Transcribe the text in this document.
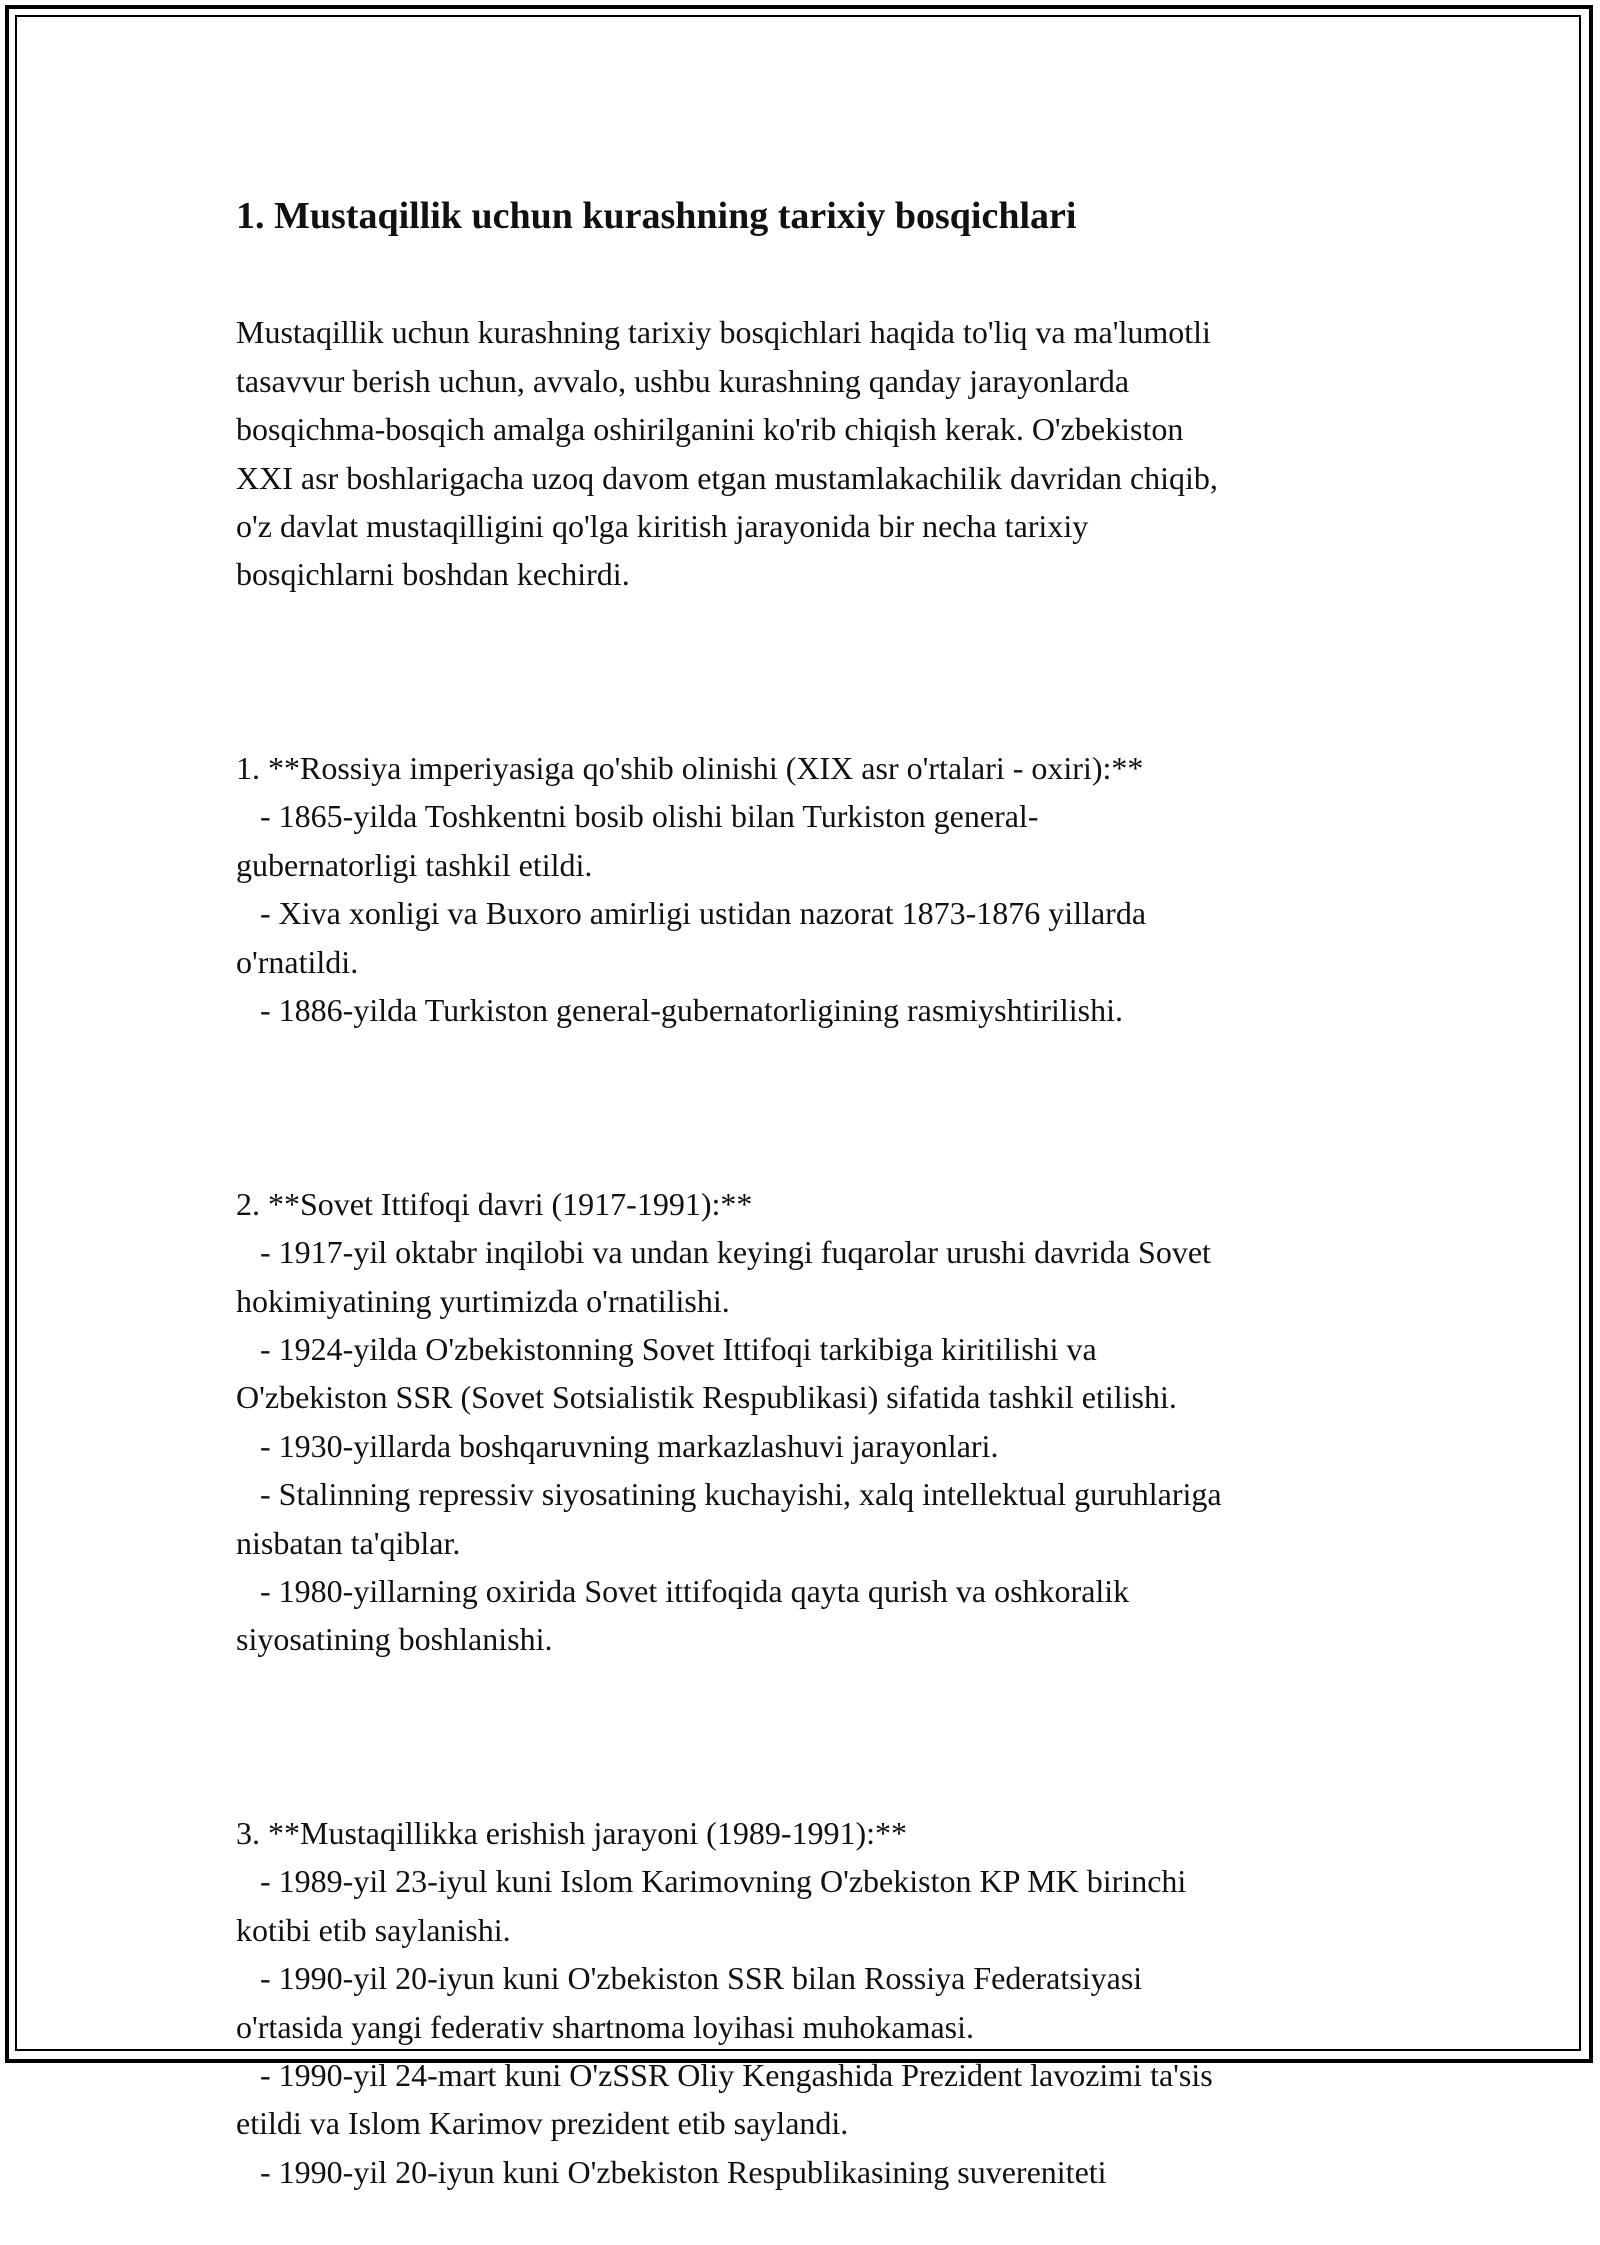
1. Mustaqillik uchun kurashning tarixiy bosqichlari

Mustaqillik uchun kurashning tarixiy bosqichlari haqida to'liq va ma'lumotli
tasavvur berish uchun, avvalo, ushbu kurashning qanday jarayonlarda
bosqichma-bosqich amalga oshirilganini ko'rib chiqish kerak. O'zbekiston
XXI asr boshlarigacha uzoq davom etgan mustamlakachilik davridan chiqib,
o'z davlat mustaqilligini qo'lga kiritish jarayonida bir necha tarixiy
bosqichlarni boshdan kechirdi.

1. **Rossiya imperiyasiga qo'shib olinishi (XIX asr o'rtalari - oxiri):**
- 1865-yilda Toshkentni bosib olishi bilan Turkiston general-
gubernatorligi tashkil etildi.
- Xiva xonligi va Buxoro amirligi ustidan nazorat 1873-1876 yillarda
o'rnatildi.
- 1886-yilda Turkiston general-gubernatorligining rasmiyshtirilishi.

2. **Sovet Ittifoqi davri (1917-1991):**
- 1917-yil oktabr inqilobi va undan keyingi fuqarolar urushi davrida Sovet
hokimiyatining yurtimizda o'rnatilishi.
- 1924-yilda O'zbekistonning Sovet Ittifoqi tarkibiga kiritilishi va
O'zbekiston SSR (Sovet Sotsialistik Respublikasi) sifatida tashkil etilishi.
- 1930-yillarda boshqaruvning markazlashuvi jarayonlari.
- Stalinning repressiv siyosatining kuchayishi, xalq intellektual guruhlariga
nisbatan ta'qiblar.
- 1980-yillarning oxirida Sovet ittifoqida qayta qurish va oshkoralik
siyosatining boshlanishi.

3. **Mustaqillikka erishish jarayoni (1989-1991):**
- 1989-yil 23-iyul kuni Islom Karimovning O'zbekiston KP MK birinchi
kotibi etib saylanishi.
- 1990-yil 20-iyun kuni O'zbekiston SSR bilan Rossiya Federatsiyasi
o'rtasida yangi federativ shartnoma loyihasi muhokamasi.
- 1990-yil 24-mart kuni O'zSSR Oliy Kengashida Prezident lavozimi ta'sis
etildi va Islom Karimov prezident etib saylandi.
- 1990-yil 20-iyun kuni O'zbekiston Respublikasining suvereniteti
